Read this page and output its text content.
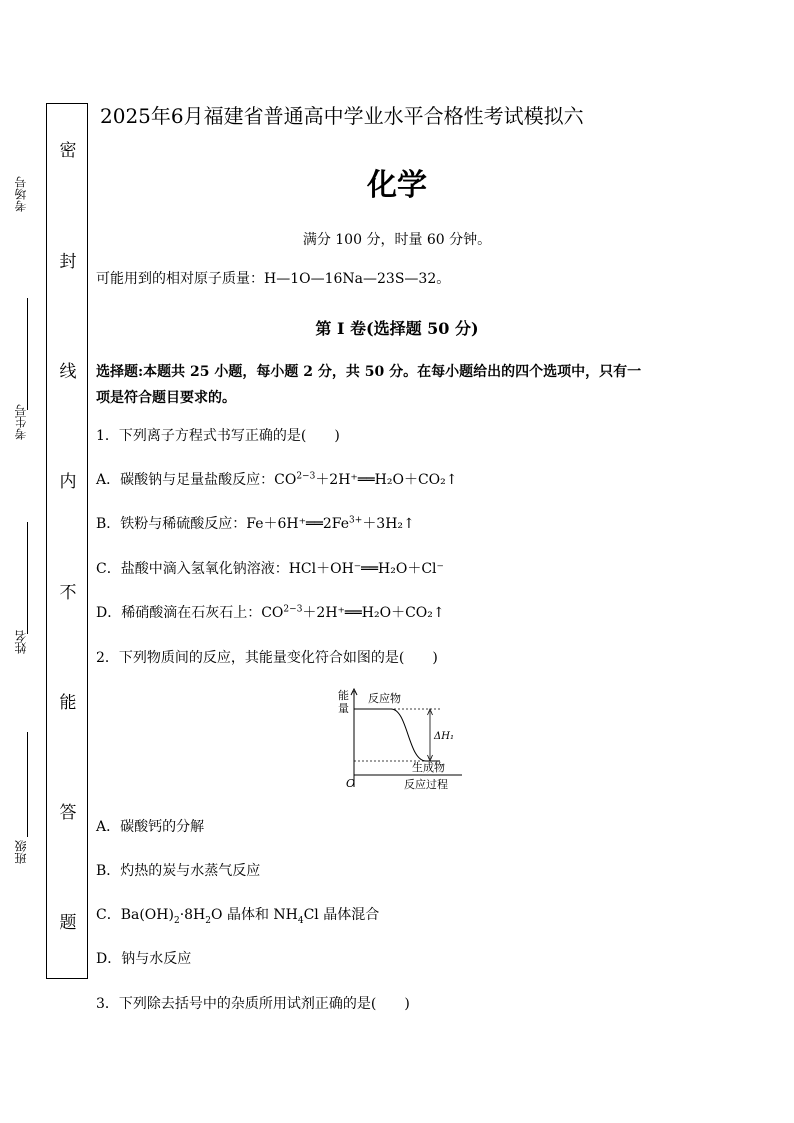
考场号
考生号
姓名
班级
密
封
线
内
不
能
答
题
2025年6月福建省普通高中学业水平合格性考试模拟六
化学
满分 100 分，时量 60 分钟。
可能用到的相对原子质量：H—1O—16Na—23S—32。
第 I 卷(选择题 50 分)
选择题:本题共 25 小题，每小题 2 分，共 50 分。在每小题给出的四个选项中，只有一
项是符合题目要求的。
1．下列离子方程式书写正确的是(　　)
A．碳酸钠与足量盐酸反应：$CO^{2-3}+2H^+══H_2O+CO_2↑$
B．铁粉与稀硫酸反应：$Fe+6H^+══2Fe^{3+}+3H_2↑$
C．盐酸中滴入氢氧化钠溶液：HCl＋OH⁻══H₂O＋Cl⁻
D．稀硝酸滴在石灰石上：$CO^{2-3}+2H^+══H_2O+CO_2↑$
2．下列物质间的反应，其能量变化符合如图的是(　　)
能
量
反应物
ΔH₁
生成物
O	反应过程
A．碳酸钙的分解
B．灼热的炭与水蒸气反应
C．$Ba(OH)_2\cdot 8H_2O$ 晶体和 $NH_4Cl$ 晶体混合
D．钠与水反应
3．下列除去括号中的杂质所用试剂正确的是(　　)
